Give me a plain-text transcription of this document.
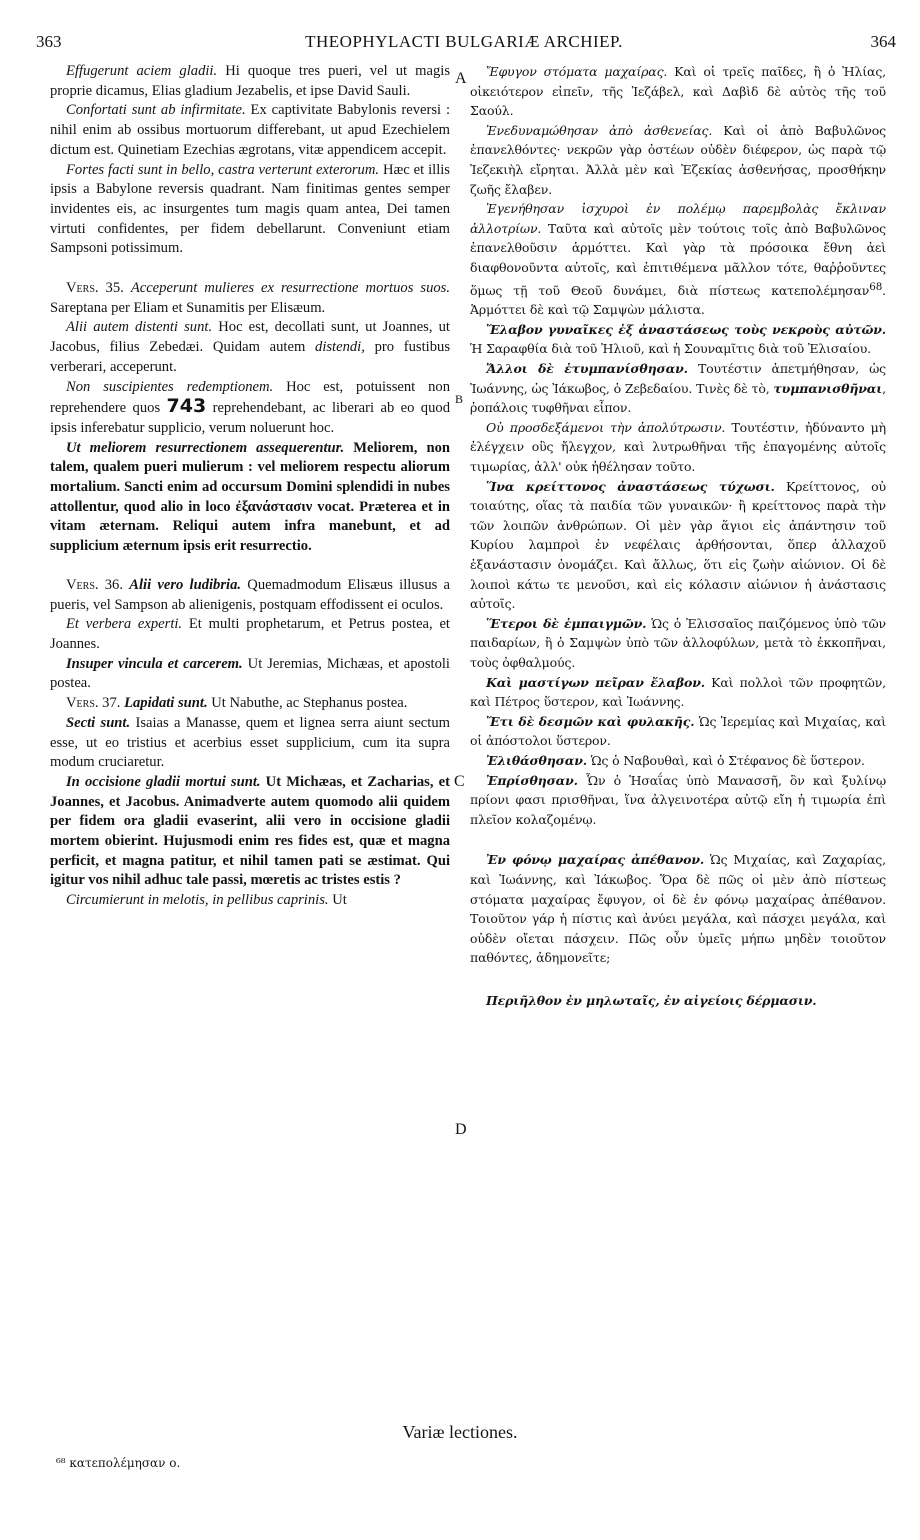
363	THEOPHYLACTI BULGARIÆ ARCHIEP.	364

Effugerunt aciem gladii. Hi quoque tres pueri, vel ut magis proprie dicamus, Elias gladium Jezabelis, et ipse David Sauli.

Confortati sunt ab infirmitate. Ex captivitate Babylonis reversi : nihil enim ab ossibus mortuorum differebant, ut apud Ezechielem dictum est. Quinetiam Ezechias ægrotans, vitæ appendicem accepit.

Fortes facti sunt in bello, castra verterunt exterorum. Hæc et illis ipsis a Babylone reversis quadrant. Nam finitimas gentes semper invidentes eis, ac insurgentes tum magis quam antea, Dei tamen virtuti confidentes, per fidem debellarunt. Conveniunt etiam Sampsoni potissimum.

Vers. 35. Acceperunt mulieres ex resurrectione mortuos suos. Sareptana per Eliam et Sunamitis per Elisæum.

Alii autem distenti sunt. Hoc est, decollati sunt, ut Joannes, ut Jacobus, filius Zebedæi. Quidam autem distendi, pro fustibus verberari, acceperunt.

Non suscipientes redemptionem. Hoc est, potuissent non reprehendere quos 743 reprehendebant, ac liberari ab eo quod ipsis inferebatur supplicio, verum noluerunt hoc.

Ut meliorem resurrectionem assequerentur. Meliorem, non talem, qualem pueri mulierum : vel meliorem respectu aliorum mortalium. Sancti enim ad occursum Domini splendidi in nubes attollentur, quod alio in loco ἐξανάστασιν vocat. Præterea et in vitam æternam. Reliqui autem infra manebunt, et ad supplicium æternum ipsis erit resurrectio.

Vers. 36. Alii vero ludibria. Quemadmodum Elisæus illusus a pueris, vel Sampson ab alienigenis, postquam effodissent ei oculos.

Et verbera experti. Et multi prophetarum, et Petrus postea, et Joannes.

Insuper vincula et carcerem. Ut Jeremias, Michæas, et apostoli postea.

Vers. 37. Lapidati sunt. Ut Nabuthe, ac Stephanus postea.

Secti sunt. Isaias a Manasse, quem et lignea serra aiunt sectum esse, ut eo tristius et acerbius esset supplicium, cum ita supra modum cruciaretur.

In occisione gladii mortui sunt. Ut Michæas, et Zacharias, et Joannes, et Jacobus. Animadverte autem quomodo alii quidem per fidem ora gladii evaserint, alii vero in occisione gladii mortem obierint. Hujusmodi enim res fides est, quæ et magna perficit, et magna patitur, et nihil tamen pati se æstimat. Qui igitur vos nihil adhuc tale passi, mœretis ac tristes estis ?

Circumierunt in melotis, in pellibus caprinis. Ut

A
B
C
D

Ἔφυγον στόματα μαχαίρας. Καὶ οἱ τρεῖς παῖδες, ἢ ὁ Ἠλίας, οἰκειότερον εἰπεῖν, τῆς Ἰεζάβελ, καὶ Δαβὶδ δὲ αὐτὸς τῆς τοῦ Σαούλ.

Ἐνεδυναμώθησαν ἀπὸ ἀσθενείας. Καὶ οἱ ἀπὸ Βαβυλῶνος ἐπανελθόντες· νεκρῶν γὰρ ὀστέων οὐδὲν διέφερον, ὡς παρὰ τῷ Ἰεζεκιὴλ εἴρηται. Ἀλλὰ μὲν καὶ Ἐζεκίας ἀσθενήσας, προσθήκην ζωῆς ἔλαβεν.

Ἐγενήθησαν ἰσχυροὶ ἐν πολέμῳ παρεμβολὰς ἔκλιναν ἀλλοτρίων. Ταῦτα καὶ αὐτοῖς μὲν τούτοις τοῖς ἀπὸ Βαβυλῶνος ἐπανελθοῦσιν ἁρμόττει. Καὶ γὰρ τὰ πρόσοικα ἔθνη ἀεὶ διαφθονοῦντα αὐτοῖς, καὶ ἐπιτιθέμενα μᾶλλον τότε, θαῤῥοῦντες ὅμως τῇ τοῦ Θεοῦ δυνάμει, διὰ πίστεως κατεπολέμησαν$^{68}$. Ἁρμόττει δὲ καὶ τῷ Σαμψὼν μάλιστα.

Ἔλαβον γυναῖκες ἐξ ἀναστάσεως τοὺς νεκροὺς αὐτῶν. Ἡ Σαραφθία διὰ τοῦ Ἠλιοῦ, καὶ ἡ Σουναμῖτις διὰ τοῦ Ἐλισαίου.

Ἄλλοι δὲ ἐτυμπανίσθησαν. Τουτέστιν ἀπετμήθησαν, ὡς Ἰωάννης, ὡς Ἰάκωβος, ὁ Ζεβεδαίου. Τινὲς δὲ τὸ, τυμπανισθῆναι, ῥοπάλοις τυφθῆναι εἶπον.

Οὐ προσδεξάμενοι τὴν ἀπολύτρωσιν. Τουτέστιν, ἠδύναντο μὴ ἐλέγχειν οὓς ἤλεγχον, καὶ λυτρωθῆναι τῆς ἐπαγομένης αὐτοῖς τιμωρίας, ἀλλ' οὐκ ἠθέλησαν τοῦτο.

Ἵνα κρείττονος ἀναστάσεως τύχωσι. Κρείττονος, οὐ τοιαύτης, οἵας τὰ παιδία τῶν γυναικῶν· ἢ κρείττονος παρὰ τὴν τῶν λοιπῶν ἀνθρώπων. Οἱ μὲν γὰρ ἅγιοι εἰς ἀπάντησιν τοῦ Κυρίου λαμπροὶ ἐν νεφέλαις ἀρθήσονται, ὅπερ ἀλλαχοῦ ἐξανάστασιν ὀνομάζει. Καὶ ἄλλως, ὅτι εἰς ζωὴν αἰώνιον. Οἱ δὲ λοιποὶ κάτω τε μενοῦσι, καὶ εἰς κόλασιν αἰώνιον ἡ ἀνάστασις αὐτοῖς.

Ἕτεροι δὲ ἐμπαιγμῶν. Ὡς ὁ Ἐλισσαῖος παιζόμενος ὑπὸ τῶν παιδαρίων, ἢ ὁ Σαμψὼν ὑπὸ τῶν ἀλλοφύλων, μετὰ τὸ ἐκκοπῆναι, τοὺς ὀφθαλμούς.

Καὶ μαστίγων πεῖραν ἔλαβον. Καὶ πολλοὶ τῶν προφητῶν, καὶ Πέτρος ὕστερον, καὶ Ἰωάννης.

Ἔτι δὲ δεσμῶν καὶ φυλακῆς. Ὡς Ἱερεμίας καὶ Μιχαίας, καὶ οἱ ἀπόστολοι ὕστερον.

Ἐλιθάσθησαν. Ὡς ὁ Ναβουθαὶ, καὶ ὁ Στέφανος δὲ ὕστερον.

Ἐπρίσθησαν. Ὧν ὁ Ἡσαΐας ὑπὸ Μανασσῆ, ὃν καὶ ξυλίνῳ πρίονι φασι πρισθῆναι, ἵνα ἀλγεινοτέρα αὐτῷ εἴη ἡ τιμωρία ἐπὶ πλεῖον κολαζομένῳ.

Ἐν φόνῳ μαχαίρας ἀπέθανον. Ὡς Μιχαίας, καὶ Ζαχαρίας, καὶ Ἰωάννης, καὶ Ἰάκωβος. Ὅρα δὲ πῶς οἱ μὲν ἀπὸ πίστεως στόματα μαχαίρας ἔφυγον, οἱ δὲ ἐν φόνῳ μαχαίρας ἀπέθανον. Τοιοῦτον γάρ ἡ πίστις καὶ ἀνύει μεγάλα, καὶ πάσχει μεγάλα, καὶ οὐδὲν οἴεται πάσχειν. Πῶς οὖν ὑμεῖς μήπω μηδὲν τοιοῦτον παθόντες, ἀδημονεῖτε;

Περιῆλθον ἐν μηλωταῖς, ἐν αἰγείοις δέρμασιν.

Variæ lectiones.
⁶⁸ κατεπολέμησαν ο.
